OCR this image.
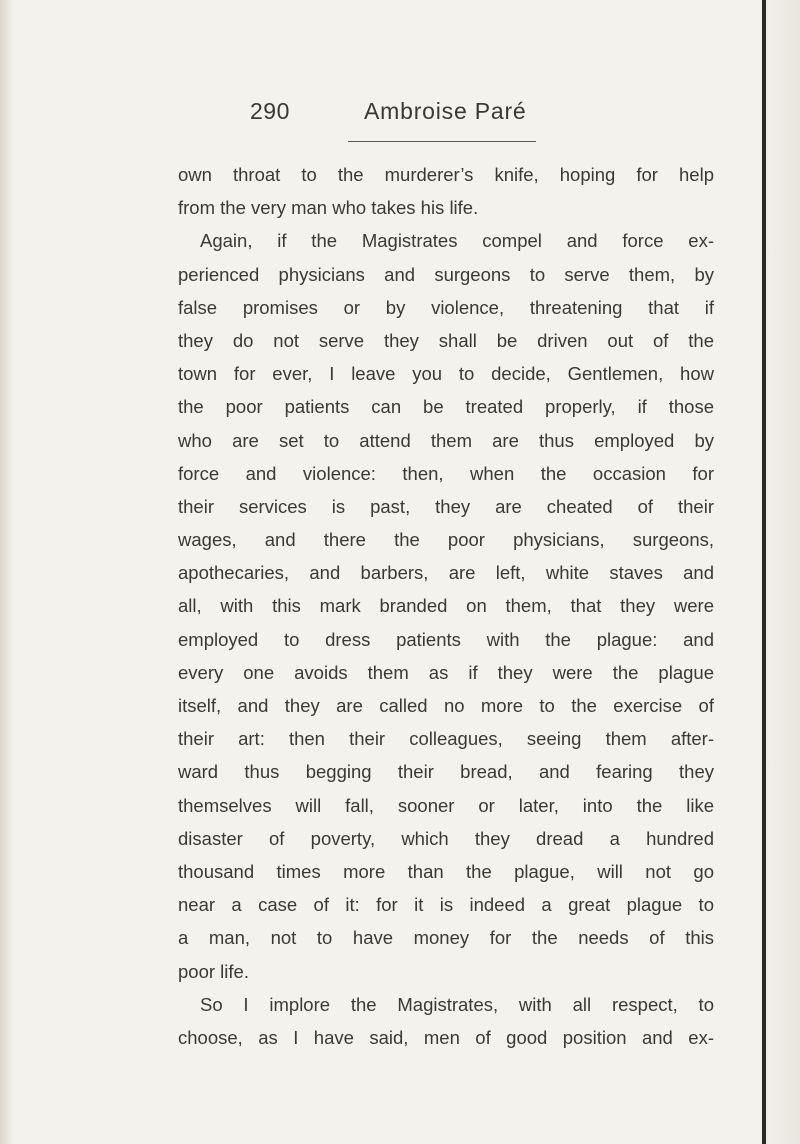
290	Ambroise Paré
own throat to the murderer’s knife, hoping for help
from the very man who takes his life.
Again, if the Magistrates compel and force ex-
perienced physicians and surgeons to serve them, by
false promises or by violence, threatening that if
they do not serve they shall be driven out of the
town for ever, I leave you to decide, Gentlemen, how
the poor patients can be treated properly, if those
who are set to attend them are thus employed by
force and violence: then, when the occasion for
their services is past, they are cheated of their
wages, and there the poor physicians, surgeons,
apothecaries, and barbers, are left, white staves and
all, with this mark branded on them, that they were
employed to dress patients with the plague: and
every one avoids them as if they were the plague
itself, and they are called no more to the exercise of
their art: then their colleagues, seeing them after-
ward thus begging their bread, and fearing they
themselves will fall, sooner or later, into the like
disaster of poverty, which they dread a hundred
thousand times more than the plague, will not go
near a case of it: for it is indeed a great plague to
a man, not to have money for the needs of this
poor life.
So I implore the Magistrates, with all respect, to
choose, as I have said, men of good position and ex-
